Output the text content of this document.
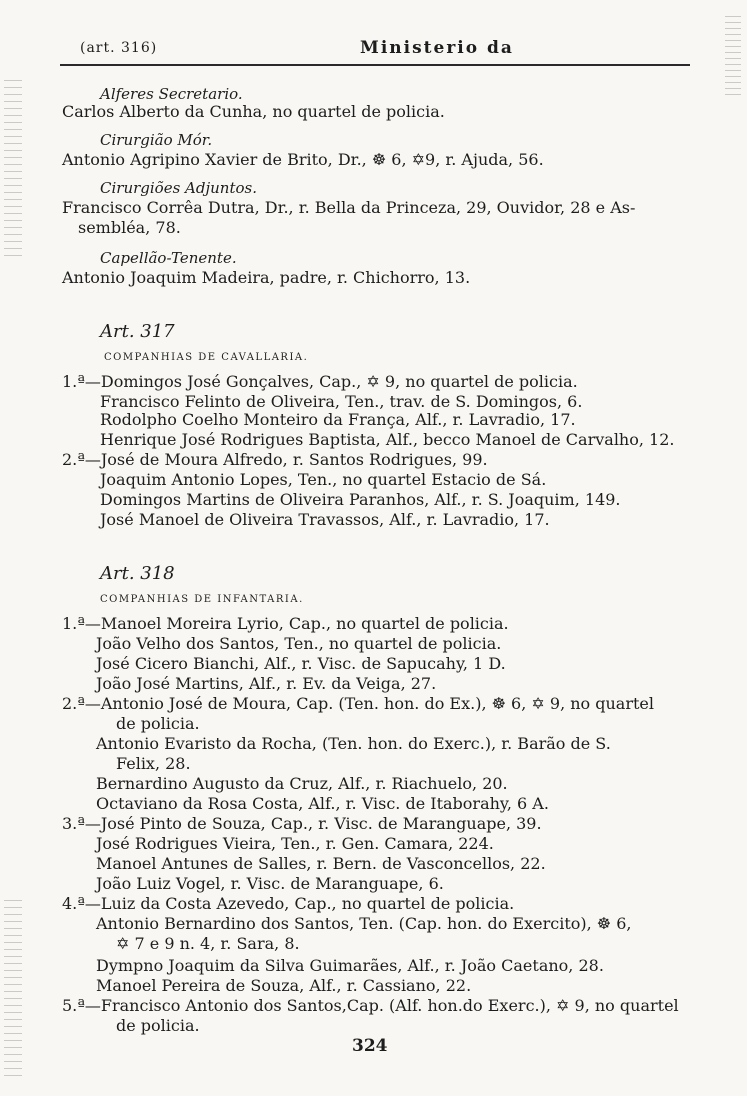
(art. 316)	Ministerio da
Alferes Secretario.
Carlos Alberto da Cunha, no quartel de policia.
Cirurgião Mór.
Antonio Agripino Xavier de Brito, Dr., ☸ 6, ✡9, r. Ajuda, 56.
Cirurgiões Adjuntos.
Francisco Corrêa Dutra, Dr., r. Bella da Princeza, 29, Ouvidor, 28 e As-
sembléa, 78.
Capellão-Tenente.
Antonio Joaquim Madeira, padre, r. Chichorro, 13.
Art. 317
COMPANHIAS DE CAVALLARIA.
1.ª—Domingos José Gonçalves, Cap., ✡ 9, no quartel de policia.
Francisco Felinto de Oliveira, Ten., trav. de S. Domingos, 6.
Rodolpho Coelho Monteiro da França, Alf., r. Lavradio, 17.
Henrique José Rodrigues Baptista, Alf., becco Manoel de Carvalho, 12.
2.ª—José de Moura Alfredo, r. Santos Rodrigues, 99.
Joaquim Antonio Lopes, Ten., no quartel Estacio de Sá.
Domingos Martins de Oliveira Paranhos, Alf., r. S. Joaquim, 149.
José Manoel de Oliveira Travassos, Alf., r. Lavradio, 17.
Art. 318
COMPANHIAS DE INFANTARIA.
1.ª—Manoel Moreira Lyrio, Cap., no quartel de policia.
João Velho dos Santos, Ten., no quartel de policia.
José Cicero Bianchi, Alf., r. Visc. de Sapucahy, 1 D.
João José Martins, Alf., r. Ev. da Veiga, 27.
2.ª—Antonio José de Moura, Cap. (Ten. hon. do Ex.), ☸ 6, ✡ 9, no quartel
de policia.
Antonio Evaristo da Rocha, (Ten. hon. do Exerc.), r. Barão de S.
Felix, 28.
Bernardino Augusto da Cruz, Alf., r. Riachuelo, 20.
Octaviano da Rosa Costa, Alf., r. Visc. de Itaborahy, 6 A.
3.ª—José Pinto de Souza, Cap., r. Visc. de Maranguape, 39.
José Rodrigues Vieira, Ten., r. Gen. Camara, 224.
Manoel Antunes de Salles, r. Bern. de Vasconcellos, 22.
João Luiz Vogel, r. Visc. de Maranguape, 6.
4.ª—Luiz da Costa Azevedo, Cap., no quartel de policia.
Antonio Bernardino dos Santos, Ten. (Cap. hon. do Exercito), ☸ 6,
✡ 7 e 9 n. 4, r. Sara, 8.
Dympno Joaquim da Silva Guimarães, Alf., r. João Caetano, 28.
Manoel Pereira de Souza, Alf., r. Cassiano, 22.
5.ª—Francisco Antonio dos Santos,Cap. (Alf. hon.do Exerc.), ✡ 9, no quartel
de policia.
324
